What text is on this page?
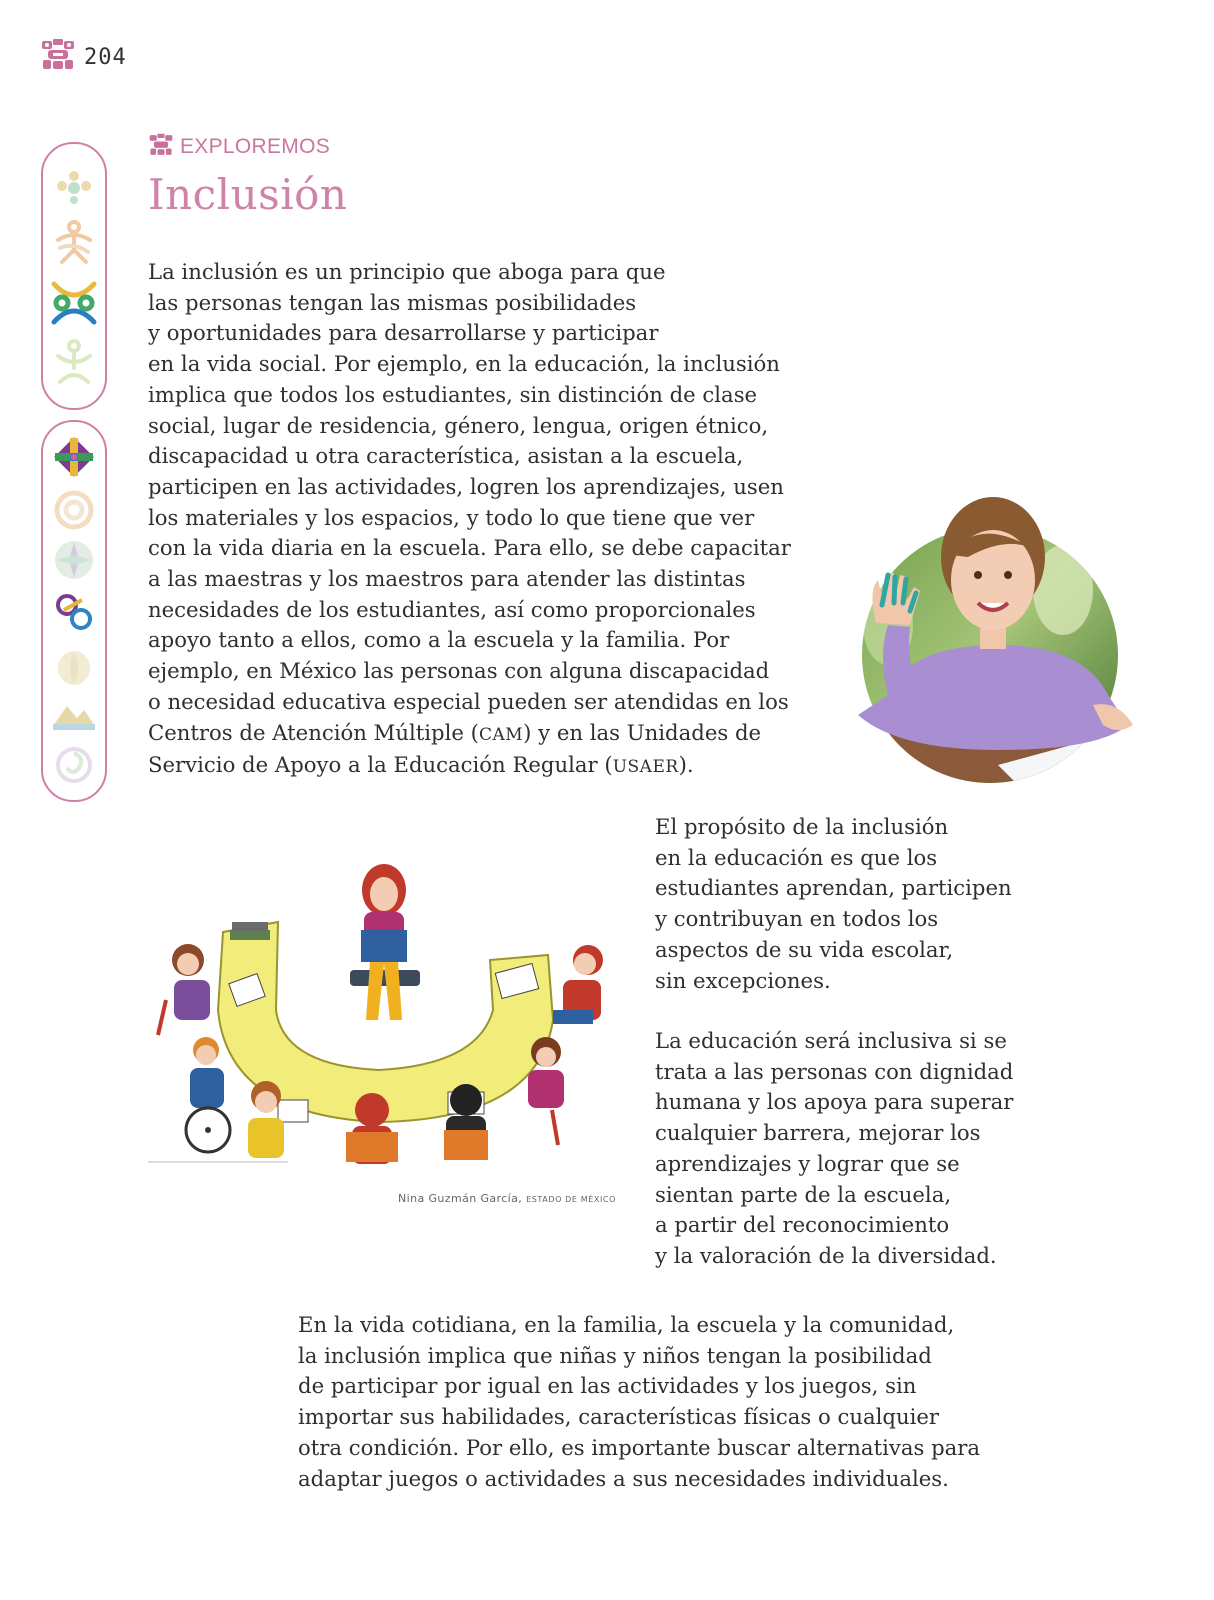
204
EXPLOREMOS
Inclusión

La inclusión es un principio que aboga para que
las personas tengan las mismas posibilidades
y oportunidades para desarrollarse y participar
en la vida social. Por ejemplo, en la educación, la inclusión
implica que todos los estudiantes, sin distinción de clase
social, lugar de residencia, género, lengua, origen étnico,
discapacidad u otra característica, asistan a la escuela,
participen en las actividades, logren los aprendizajes, usen
los materiales y los espacios, y todo lo que tiene que ver
con la vida diaria en la escuela. Para ello, se debe capacitar
a las maestras y los maestros para atender las distintas
necesidades de los estudiantes, así como proporcionales
apoyo tanto a ellos, como a la escuela y la familia. Por
ejemplo, en México las personas con alguna discapacidad
o necesidad educativa especial pueden ser atendidas en los
Centros de Atención Múltiple (CAM) y en las Unidades de
Servicio de Apoyo a la Educación Regular (USAER).

Nina Guzmán García, ESTADO DE MÉXICO

El propósito de la inclusión
en la educación es que los
estudiantes aprendan, participen
y contribuyan en todos los
aspectos de su vida escolar,
sin excepciones.

La educación será inclusiva si se
trata a las personas con dignidad
humana y los apoya para superar
cualquier barrera, mejorar los
aprendizajes y lograr que se
sientan parte de la escuela,
a partir del reconocimiento
y la valoración de la diversidad.

En la vida cotidiana, en la familia, la escuela y la comunidad,
la inclusión implica que niñas y niños tengan la posibilidad
de participar por igual en las actividades y los juegos, sin
importar sus habilidades, características físicas o cualquier
otra condición. Por ello, es importante buscar alternativas para
adaptar juegos o actividades a sus necesidades individuales.
